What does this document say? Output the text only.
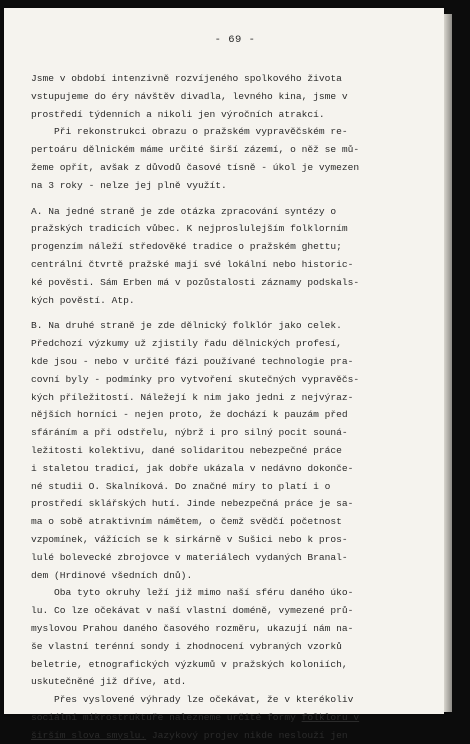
- 69 -
Jsme v období intenzivně rozvíjeného spolkového života
vstupujeme do éry návštěv divadla, levného kina, jsme v
prostředí týdenních a nikoli jen výročních atrakcí.
Při rekonstrukci obrazu o pražském vypravěčském re-
pertoáru dělnickém máme určité širší zázemí, o něž se mů-
žeme opřít, avšak z důvodů časové tísně - úkol je vymezen
na 3 roky - nelze jej plně využít.
A. Na jedné straně je zde otázka zpracování syntézy o
pražských tradicích vůbec. K nejproslulejším folklorním
progenzím náleží středověké tradice o pražském ghettu;
centrální čtvrtě pražské mají své lokální nebo historic-
ké pověsti. Sám Erben má v pozůstalosti záznamy podskals-
kých pověstí. Atp.
B. Na druhé straně je zde dělnický folklór jako celek.
Předchozí výzkumy už zjistily řadu dělnických profesí,
kde jsou - nebo v určité fázi používané technologie pra-
covní byly - podmínky pro vytvoření skutečných vypravěčs-
kých příležitostí. Náležejí k nim jako jedni z nejvýraz-
nějších horníci - nejen proto, že dochází k pauzám před
sfáráním a při odstřelu, nýbrž i pro silný pocit souná-
ležitosti kolektivu, dané solidaritou nebezpečné práce
i staletou tradicí, jak dobře ukázala v nedávno dokonče-
né studii O. Skalníková. Do značné míry to platí i o
prostředí sklářských hutí. Jinde nebezpečná práce je sa-
ma o sobě atraktivním námětem, o čemž svědčí početnost
vzpomínek, vážících se k sirkárně v Sušici nebo k pros-
lulé bolevecké zbrojovce v materiálech vydaných Branal-
dem (Hrdinové všedních dnů).
Oba tyto okruhy leží již mimo naší sféru daného úko-
lu. Co lze očekávat v naší vlastní doméně, vymezené prů-
myslovou Prahou daného časového rozměru, ukazují nám na-
še vlastní terénní sondy i zhodnocení vybraných vzorků
beletrie, etnografických výzkumů v pražských koloniích,
uskutečněné již dříve, atd.
Přes vyslovené výhrady lze očekávat, že v kterékoliv
sociální mikrostruktuře nalezneme určité formy folkloru v
širším slova smyslu. Jazykový projev nikde neslouží jen
